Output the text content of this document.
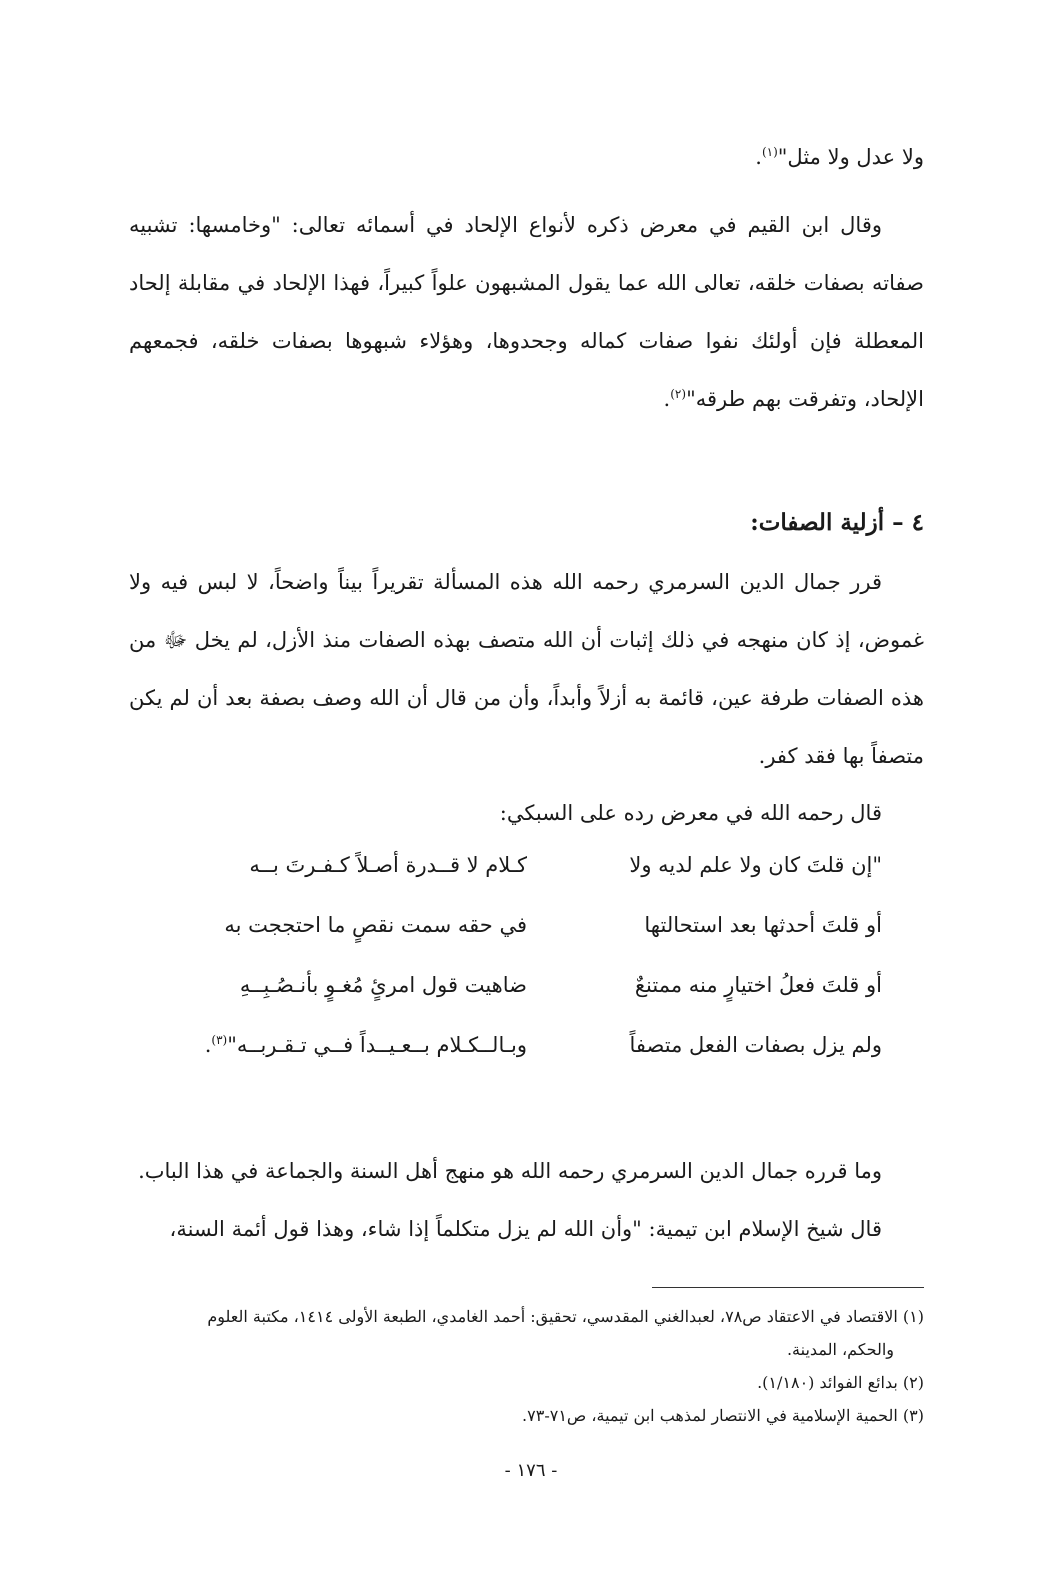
ولا عدل ولا مثل"$^{(١)}$.

وقال ابن القيم في معرض ذكره لأنواع الإلحاد في أسمائه تعالى: "وخامسها: تشبيه صفاته بصفات خلقه، تعالى الله عما يقول المشبهون علواً كبيراً، فهذا الإلحاد في مقابلة إلحاد المعطلة فإن أولئك نفوا صفات كماله وجحدوها، وهؤلاء شبهوها بصفات خلقه، فجمعهم الإلحاد، وتفرقت بهم طرقه"$^{(٢)}$.

٤ – أزلية الصفات:

قرر جمال الدين السرمري رحمه الله هذه المسألة تقريراً بيناً واضحاً، لا لبس فيه ولا غموض، إذ كان منهجه في ذلك إثبات أن الله متصف بهذه الصفات منذ الأزل، لم يخل ﷻ من هذه الصفات طرفة عين، قائمة به أزلاً وأبداً، وأن من قال أن الله وصف بصفة بعد أن لم يكن متصفاً بها فقد كفر.

قال رحمه الله في معرض رده على السبكي:
"إن قلتَ كان ولا علم لديه ولا
كـلام لا قــدرة أصـلاً كـفـرتَ بــه
أو قلتَ أحدثها بعد استحالتها
في حقه سمت نقصٍ ما احتججت به
أو قلتَ فعلُ اختيارٍ منه ممتنعٌ
ضاهيت قول امرئٍ مُغـوٍ بأنـصُـبِــهِ
ولم يزل بصفات الفعل متصفاً
وبـالــكـلام بــعـيــداً فــي تـقـربــه"$^{(٣)}$.

وما قرره جمال الدين السرمري رحمه الله هو منهج أهل السنة والجماعة في هذا الباب.

قال شيخ الإسلام ابن تيمية: "وأن الله لم يزل متكلماً إذا شاء، وهذا قول أئمة السنة،

(١) الاقتصاد في الاعتقاد ص٧٨، لعبدالغني المقدسي، تحقيق: أحمد الغامدي، الطبعة الأولى ١٤١٤، مكتبة العلوم

والحكم، المدينة.

(٢) بدائع الفوائد (١/١٨٠).

(٣) الحمية الإسلامية في الانتصار لمذهب ابن تيمية، ص٧١-٧٣.

- ١٧٦ -
